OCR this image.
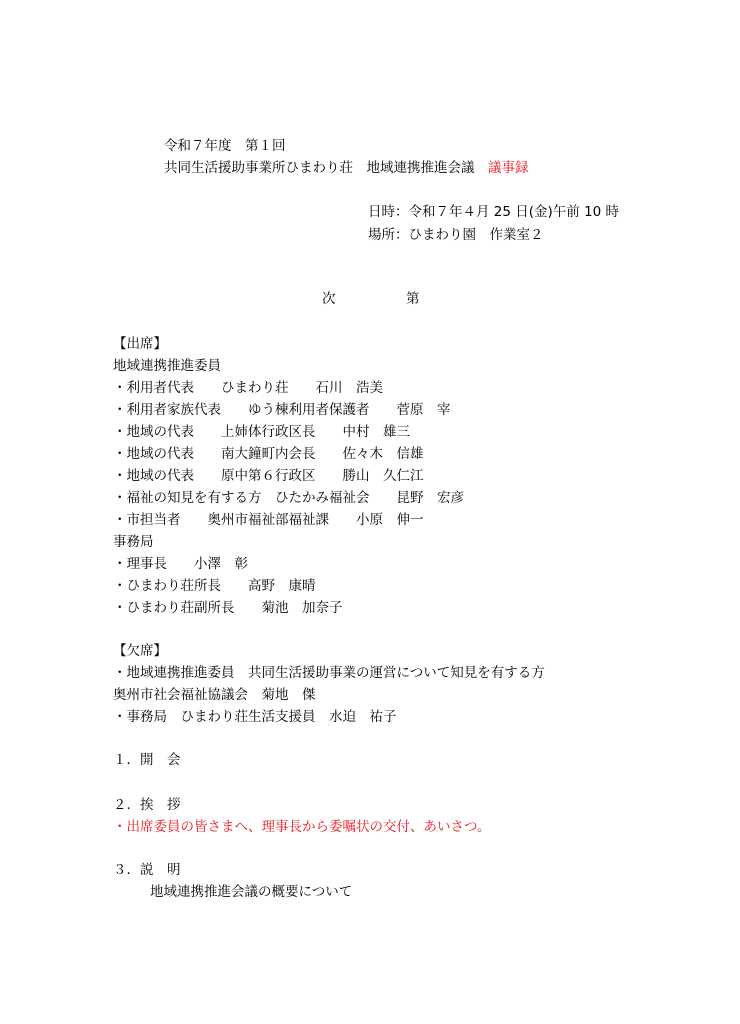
令和７年度　第１回
共同生活援助事業所ひまわり荘　地域連携推進会議　議事録
日時：令和７年４月 25 日(金)午前 10 時
場所：ひまわり園　作業室２
次	第
【出席】
地域連携推進委員
・利用者代表　　ひまわり荘　　石川　浩美
・利用者家族代表　　ゆう棟利用者保護者　　菅原　宰
・地域の代表　　上姉体行政区長　　中村　雄三
・地域の代表　　南大鐘町内会長　　佐々木　信雄
・地域の代表　　原中第６行政区　　勝山　久仁江
・福祉の知見を有する方　ひたかみ福祉会　　昆野　宏彦
・市担当者　　奥州市福祉部福祉課　　小原　伸一
事務局
・理事長　　小澤　彰
・ひまわり荘所長　　高野　康晴
・ひまわり荘副所長　　菊池　加奈子
【欠席】
・地域連携推進委員　共同生活援助事業の運営について知見を有する方
奥州市社会福祉協議会　菊地　傑
・事務局　ひまわり荘生活支援員　水迫　祐子
１．開　会
２．挨　拶
・出席委員の皆さまへ、理事長から委嘱状の交付、あいさつ。
３．説　明
地域連携推進会議の概要について
